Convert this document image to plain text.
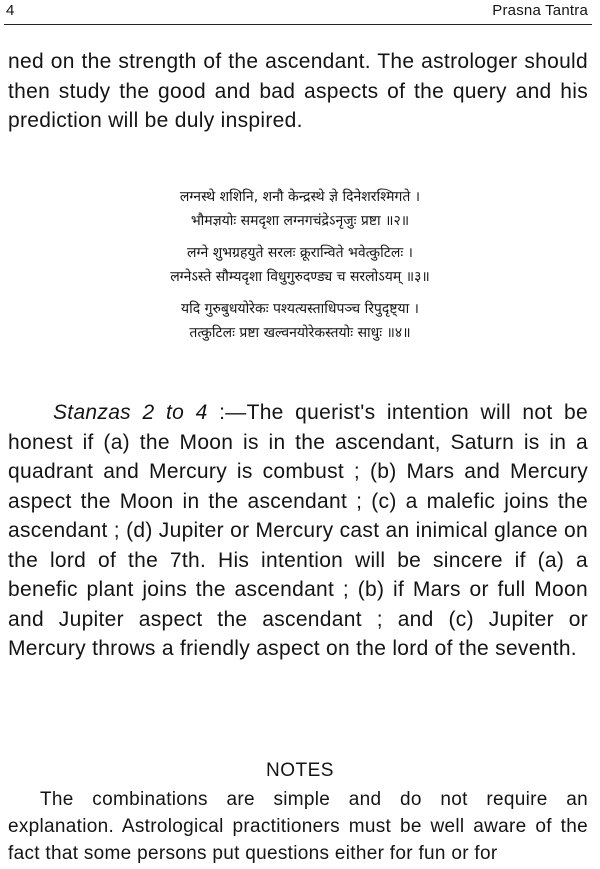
4	Prasna Tantra
ned on the strength of the ascendant. The astrologer should then study the good and bad aspects of the query and his prediction will be duly inspired.
लग्नस्थे शशिनि, शनौ केन्द्रस्थे ज्ञे दिनेशरश्मिगते ।
भौमज्ञयोः समदृशा लग्नगचंद्रेऽनृजुः प्रष्टा ॥२॥
लग्ने शुभग्रहयुते सरलः क्रूरान्विते भवेत्कुटिलः ।
लग्नेऽस्ते सौम्यदृशा विधुगुरुदण्ड्य च सरलोऽयम् ॥३॥
यदि गुरुबुधयोरेकः पश्यत्यस्ताधिपञ्च रिपुदृष्ट्या ।
तत्कुटिलः प्रष्टा खल्वनयोरेकस्तयोः साधुः ॥४॥
Stanzas 2 to 4 :—The querist's intention will not be honest if (a) the Moon is in the ascendant, Saturn is in a quadrant and Mercury is combust ; (b) Mars and Mercury aspect the Moon in the ascendant ; (c) a malefic joins the ascendant ; (d) Jupiter or Mercury cast an inimical glance on the lord of the 7th. His intention will be sincere if (a) a benefic plant joins the ascendant ; (b) if Mars or full Moon and Jupiter aspect the ascendant ; and (c) Jupiter or Mercury throws a friendly aspect on the lord of the seventh.
NOTES
The combinations are simple and do not require an explanation. Astrological practitioners must be well aware of the fact that some persons put questions either for fun or for
